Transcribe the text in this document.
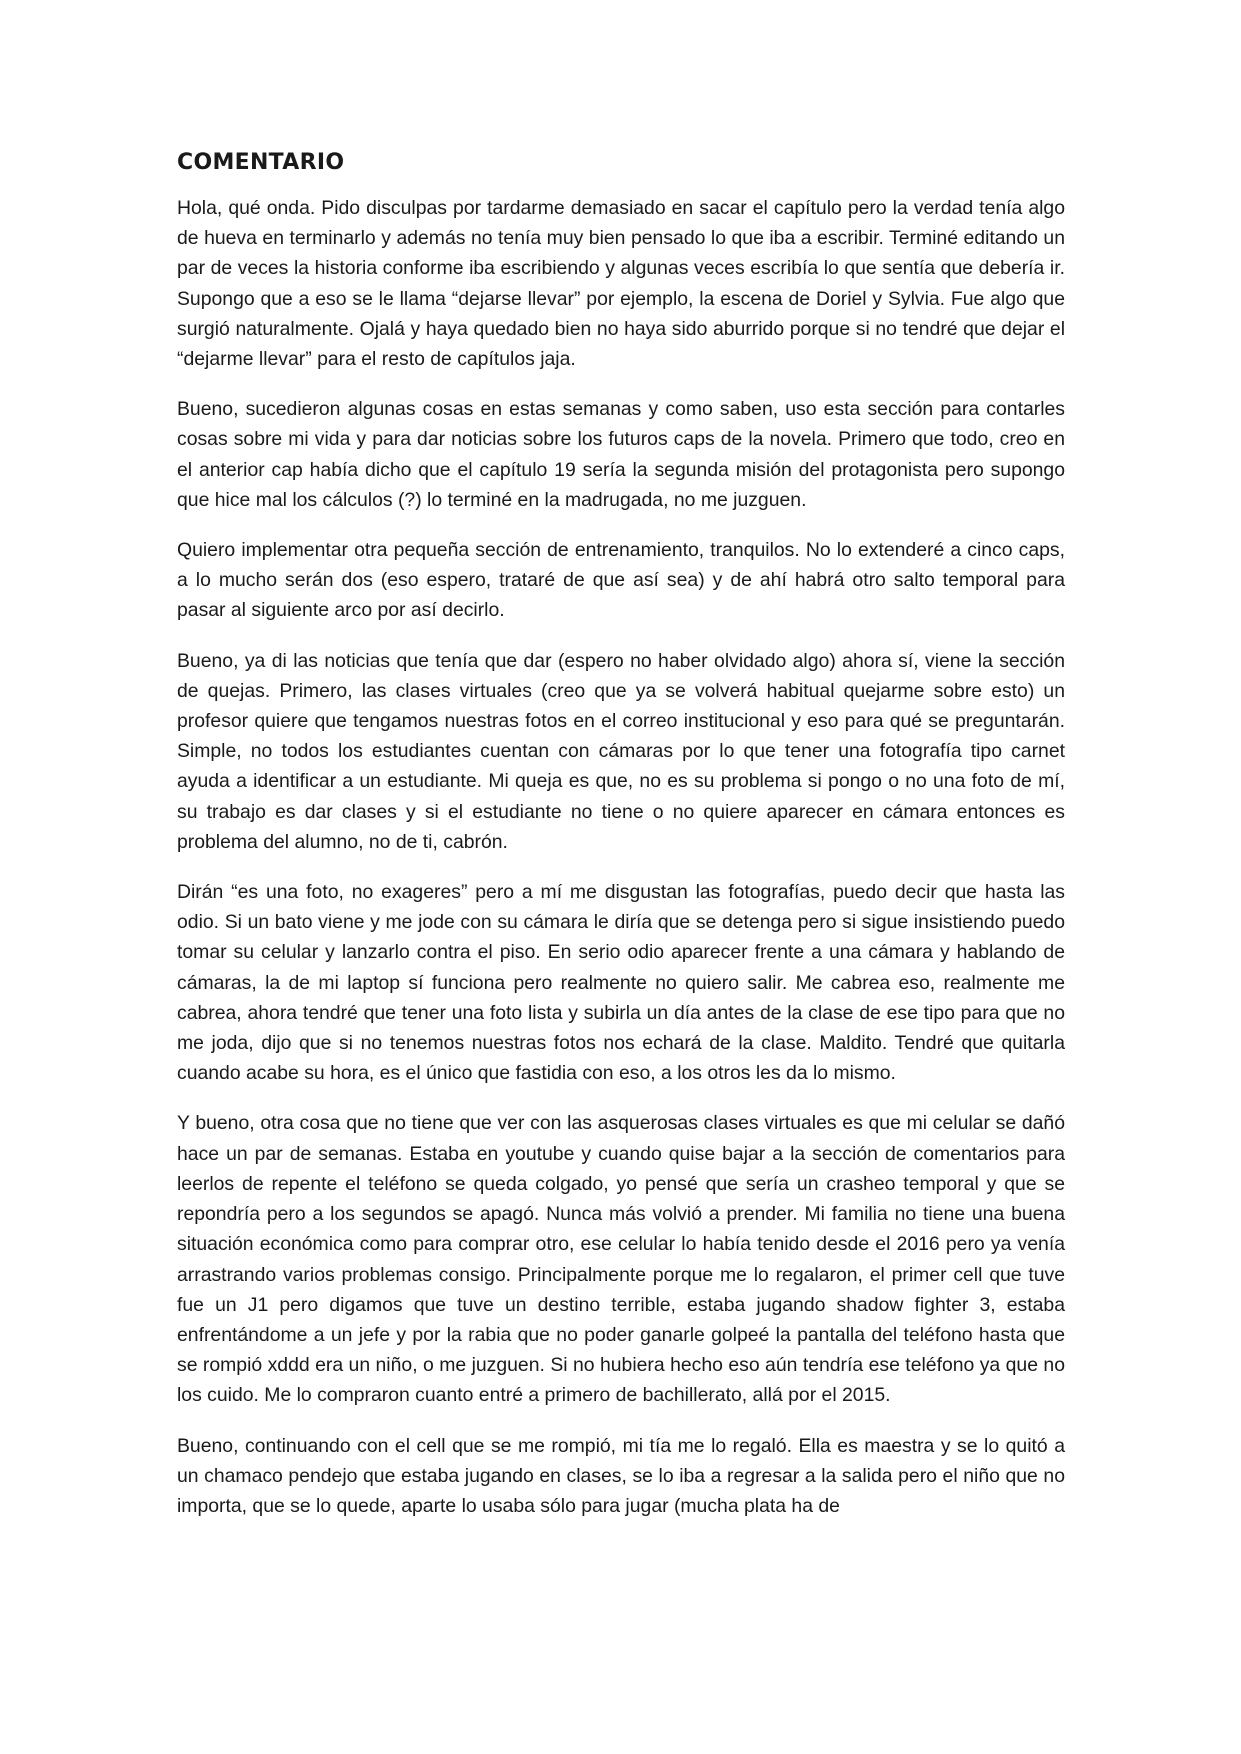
COMENTARIO

Hola, qué onda. Pido disculpas por tardarme demasiado en sacar el capítulo pero la verdad tenía algo de hueva en terminarlo y además no tenía muy bien pensado lo que iba a escribir. Terminé editando un par de veces la historia conforme iba escribiendo y algunas veces escribía lo que sentía que debería ir. Supongo que a eso se le llama “dejarse llevar” por ejemplo, la escena de Doriel y Sylvia. Fue algo que surgió naturalmente. Ojalá y haya quedado bien no haya sido aburrido porque si no tendré que dejar el “dejarme llevar” para el resto de capítulos jaja.

Bueno, sucedieron algunas cosas en estas semanas y como saben, uso esta sección para contarles cosas sobre mi vida y para dar noticias sobre los futuros caps de la novela. Primero que todo, creo en el anterior cap había dicho que el capítulo 19 sería la segunda misión del protagonista pero supongo que hice mal los cálculos (?) lo terminé en la madrugada, no me juzguen.

Quiero implementar otra pequeña sección de entrenamiento, tranquilos. No lo extenderé a cinco caps, a lo mucho serán dos (eso espero, trataré de que así sea) y de ahí habrá otro salto temporal para pasar al siguiente arco por así decirlo.

Bueno, ya di las noticias que tenía que dar (espero no haber olvidado algo) ahora sí, viene la sección de quejas. Primero, las clases virtuales (creo que ya se volverá habitual quejarme sobre esto) un profesor quiere que tengamos nuestras fotos en el correo institucional y eso para qué se preguntarán. Simple, no todos los estudiantes cuentan con cámaras por lo que tener una fotografía tipo carnet ayuda a identificar a un estudiante. Mi queja es que, no es su problema si pongo o no una foto de mí, su trabajo es dar clases y si el estudiante no tiene o no quiere aparecer en cámara entonces es problema del alumno, no de ti, cabrón.

Dirán “es una foto, no exageres” pero a mí me disgustan las fotografías, puedo decir que hasta las odio. Si un bato viene y me jode con su cámara le diría que se detenga pero si sigue insistiendo puedo tomar su celular y lanzarlo contra el piso. En serio odio aparecer frente a una cámara y hablando de cámaras, la de mi laptop sí funciona pero realmente no quiero salir. Me cabrea eso, realmente me cabrea, ahora tendré que tener una foto lista y subirla un día antes de la clase de ese tipo para que no me joda, dijo que si no tenemos nuestras fotos nos echará de la clase. Maldito. Tendré que quitarla cuando acabe su hora, es el único que fastidia con eso, a los otros les da lo mismo.

Y bueno, otra cosa que no tiene que ver con las asquerosas clases virtuales es que mi celular se dañó hace un par de semanas. Estaba en youtube y cuando quise bajar a la sección de comentarios para leerlos de repente el teléfono se queda colgado, yo pensé que sería un crasheo temporal y que se repondría pero a los segundos se apagó. Nunca más volvió a prender. Mi familia no tiene una buena situación económica como para comprar otro, ese celular lo había tenido desde el 2016 pero ya venía arrastrando varios problemas consigo. Principalmente porque me lo regalaron, el primer cell que tuve fue un J1 pero digamos que tuve un destino terrible, estaba jugando shadow fighter 3, estaba enfrentándome a un jefe y por la rabia que no poder ganarle golpeé la pantalla del teléfono hasta que se rompió xddd era un niño, o me juzguen. Si no hubiera hecho eso aún tendría ese teléfono ya que no los cuido. Me lo compraron cuanto entré a primero de bachillerato, allá por el 2015.

Bueno, continuando con el cell que se me rompió, mi tía me lo regaló. Ella es maestra y se lo quitó a un chamaco pendejo que estaba jugando en clases, se lo iba a regresar a la salida pero el niño que no importa, que se lo quede, aparte lo usaba sólo para jugar (mucha plata ha de
